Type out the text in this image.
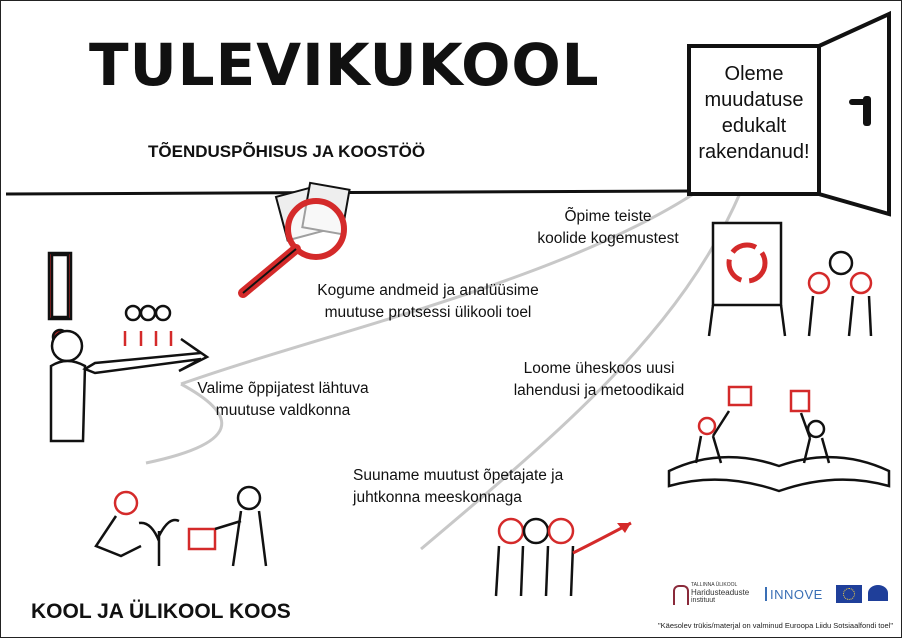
TULEVIKUKOOL
TÕENDUSPÕHISUS JA KOOSTÖÖ
Oleme
muudatuse
edukalt
rakendanud!
Valime õppijatest lähtuva
muutuse valdkonna
Kogume andmeid ja analüüsime
muutuse protsessi ülikooli toel
Suuname muutust õpetajate ja
juhtkonna meeskonnaga
Loome üheskoos uusi
lahendusi ja metoodikaid
Õpime teiste
koolide kogemustest
KOOL JA ÜLIKOOL KOOS
TALLINNA ÜLIKOOL
Haridusteaduste
instituut	INNOVE
"Käesolev trükis/materjal on valminud Euroopa Liidu Sotsiaalfondi toel"
